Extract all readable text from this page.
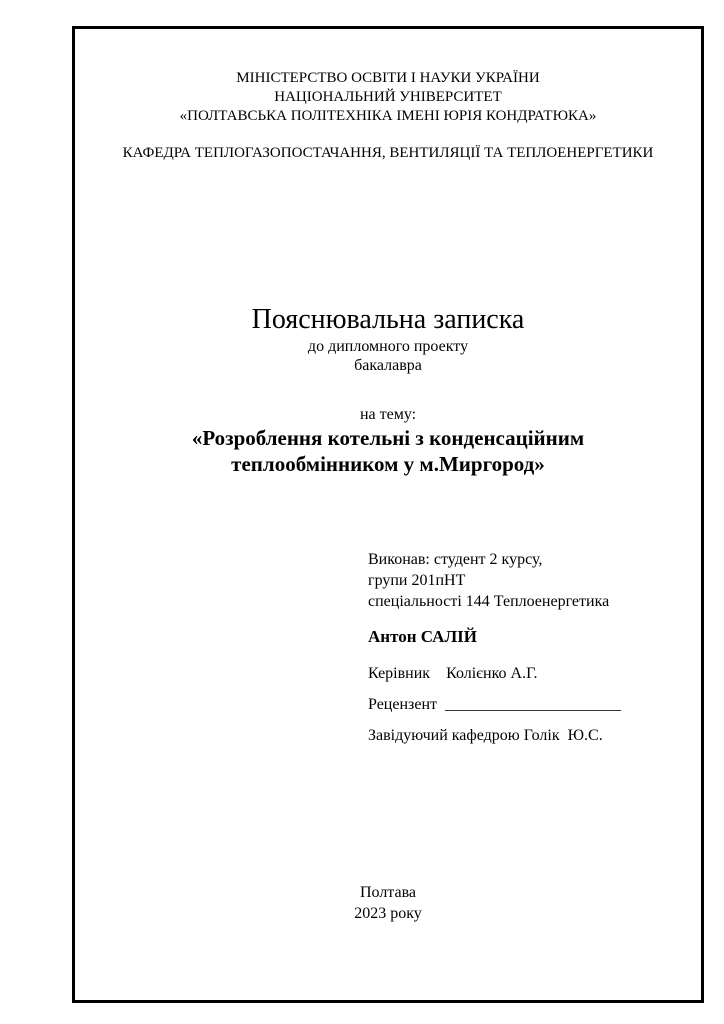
МІНІСТЕРСТВО ОСВІТИ І НАУКИ УКРАЇНИ
НАЦІОНАЛЬНИЙ УНІВЕРСИТЕТ
«ПОЛТАВСЬКА ПОЛІТЕХНІКА ІМЕНІ ЮРІЯ КОНДРАТЮКА»
КАФЕДРА ТЕПЛОГАЗОПОСТАЧАННЯ, ВЕНТИЛЯЦІЇ ТА ТЕПЛОЕНЕРГЕТИКИ
Пояснювальна записка
до дипломного проекту
бакалавра
на тему:
«Розроблення котельні з конденсаційним
теплообмінником у м.Миргород»
Виконав: студент 2 курсу,
групи 201пНТ
спеціальності 144 Теплоенергетика
Антон САЛІЙ
Керівник    Колієнко А.Г.
Рецензент  ______________________
Завідуючий кафедрою Голік  Ю.С.
Полтава
2023 року
